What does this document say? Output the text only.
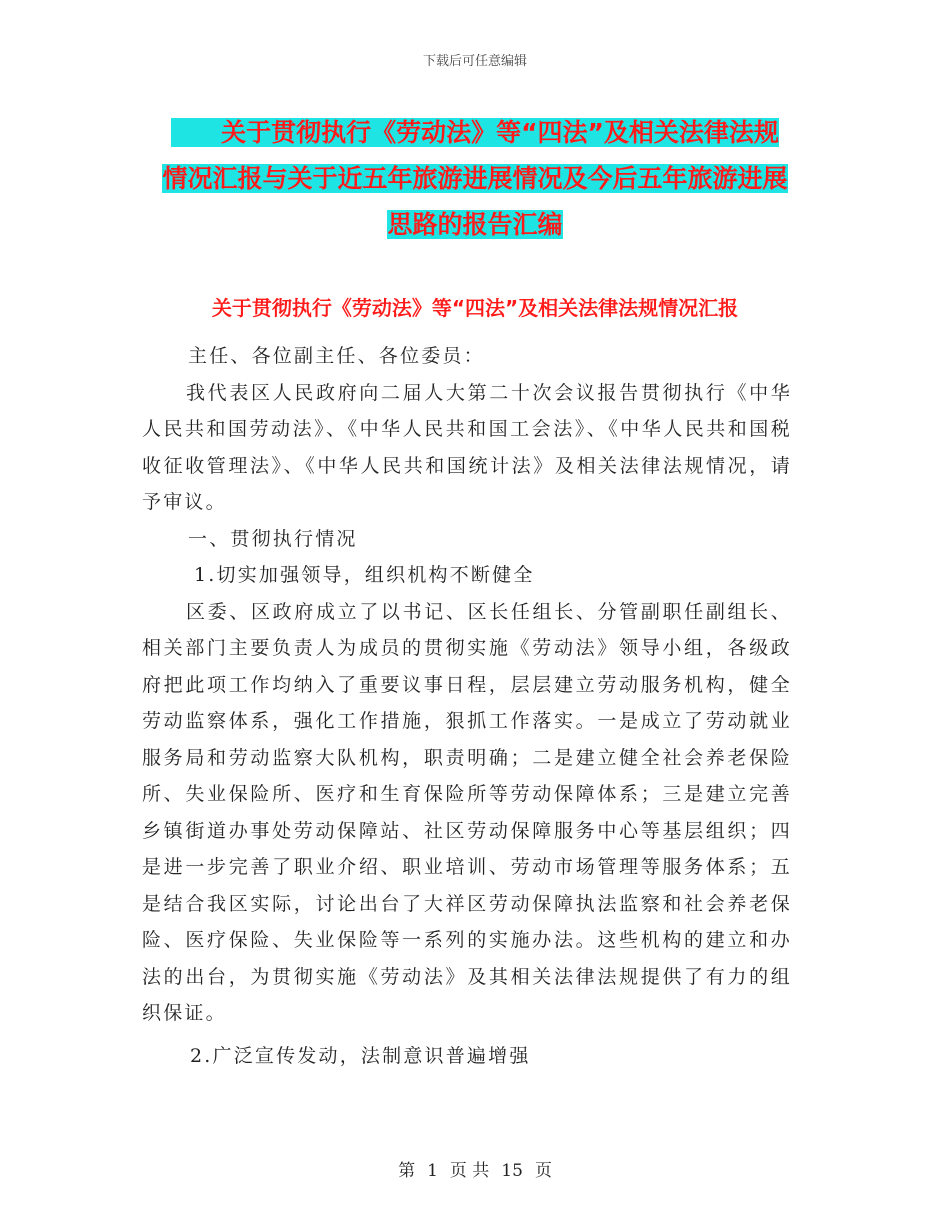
下载后可任意编辑
关于贯彻执行《劳动法》等“四法”及相关法律法规
情况汇报与关于近五年旅游进展情况及今后五年旅游进展
思路的报告汇编
关于贯彻执行《劳动法》等“四法”及相关法律法规情况汇报

主任、各位副主任、各位委员：

我代表区人民政府向二届人大第二十次会议报告贯彻执行《中华人民共和国劳动法》、《中华人民共和国工会法》、《中华人民共和国税收征收管理法》、《中华人民共和国统计法》及相关法律法规情况，请予审议。

一、贯彻执行情况

1.切实加强领导，组织机构不断健全

区委、区政府成立了以书记、区长任组长、分管副职任副组长、相关部门主要负责人为成员的贯彻实施《劳动法》领导小组，各级政府把此项工作均纳入了重要议事日程，层层建立劳动服务机构，健全劳动监察体系，强化工作措施，狠抓工作落实。一是成立了劳动就业服务局和劳动监察大队机构，职责明确；二是建立健全社会养老保险所、失业保险所、医疗和生育保险所等劳动保障体系；三是建立完善乡镇街道办事处劳动保障站、社区劳动保障服务中心等基层组织；四是进一步完善了职业介绍、职业培训、劳动市场管理等服务体系；五是结合我区实际，讨论出台了大祥区劳动保障执法监察和社会养老保险、医疗保险、失业保险等一系列的实施办法。这些机构的建立和办法的出台，为贯彻实施《劳动法》及其相关法律法规提供了有力的组织保证。

2.广泛宣传发动，法制意识普遍增强

第 1 页 共 15 页
